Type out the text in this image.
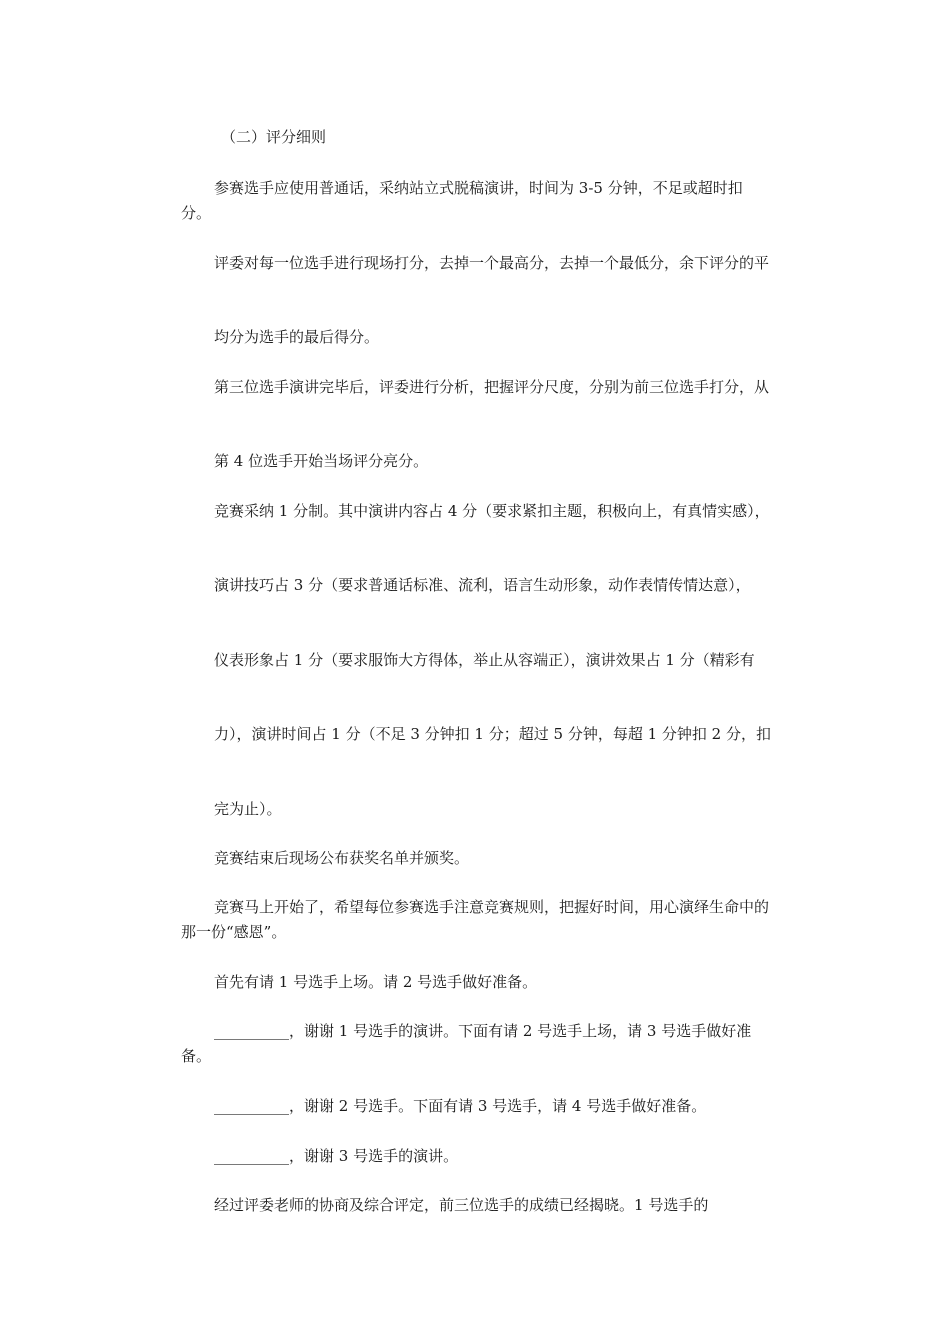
（二）评分细则

参赛选手应使用普通话，采纳站立式脱稿演讲，时间为 3-5 分钟，不足或超时扣分。

评委对每一位选手进行现场打分，去掉一个最高分，去掉一个最低分，余下评分的平

均分为选手的最后得分。

第三位选手演讲完毕后，评委进行分析，把握评分尺度，分别为前三位选手打分，从

第 4 位选手开始当场评分亮分。

竞赛采纳 1 分制。其中演讲内容占 4 分（要求紧扣主题，积极向上，有真情实感），

演讲技巧占 3 分（要求普通话标准、流利，语言生动形象，动作表情传情达意），

仪表形象占 1 分（要求服饰大方得体，举止从容端正），演讲效果占 1 分（精彩有

力），演讲时间占 1 分（不足 3 分钟扣 1 分；超过 5 分钟，每超 1 分钟扣 2 分，扣

完为止）。

竞赛结束后现场公布获奖名单并颁奖。

竞赛马上开始了，希望每位参赛选手注意竞赛规则，把握好时间，用心演绎生命中的那一份“感恩”。

首先有请 1 号选手上场。请 2 号选手做好准备。

__________，谢谢 1 号选手的演讲。下面有请 2 号选手上场，请 3 号选手做好准备。

__________，谢谢 2 号选手。下面有请 3 号选手，请 4 号选手做好准备。

__________，谢谢 3 号选手的演讲。

经过评委老师的协商及综合评定，前三位选手的成绩已经揭晓。1 号选手的
